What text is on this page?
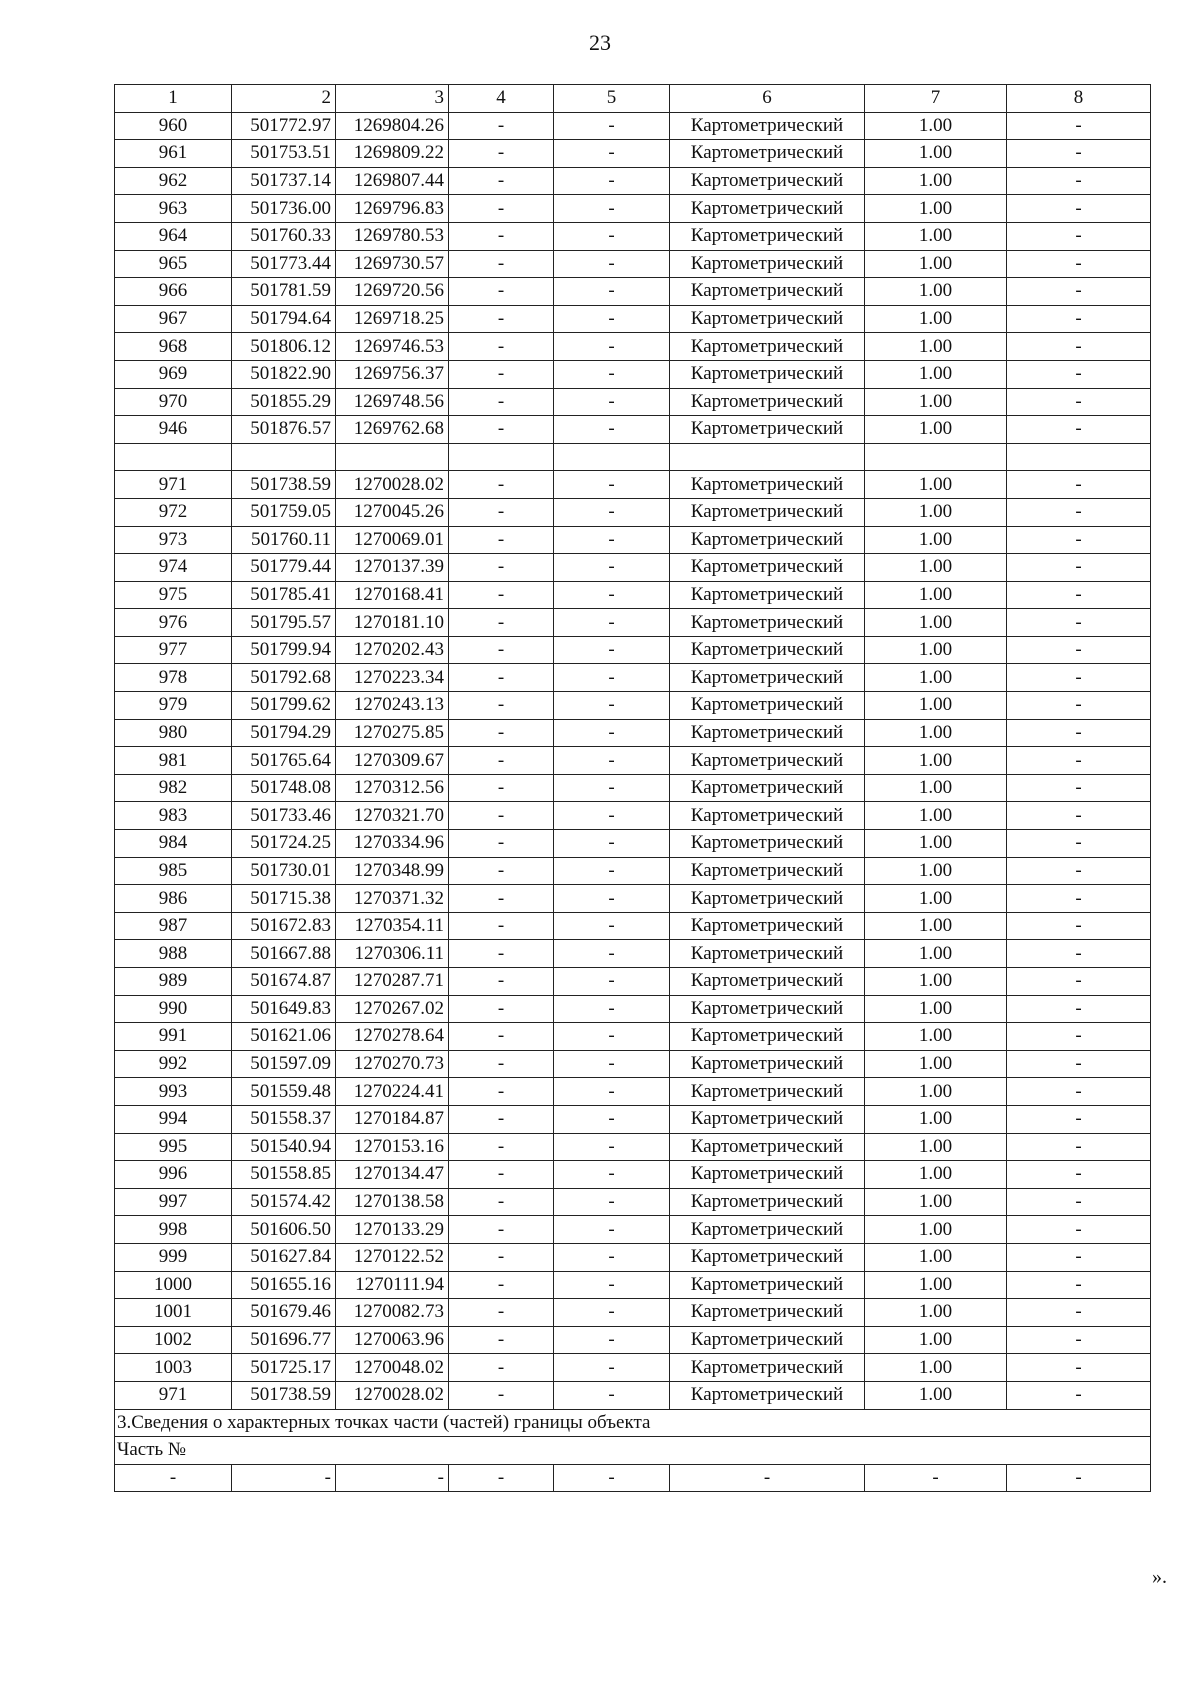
23
1	2	3	4	5	6	7	8
960	501772.97	1269804.26	-	-	Картометрический	1.00	-
961	501753.51	1269809.22	-	-	Картометрический	1.00	-
962	501737.14	1269807.44	-	-	Картометрический	1.00	-
963	501736.00	1269796.83	-	-	Картометрический	1.00	-
964	501760.33	1269780.53	-	-	Картометрический	1.00	-
965	501773.44	1269730.57	-	-	Картометрический	1.00	-
966	501781.59	1269720.56	-	-	Картометрический	1.00	-
967	501794.64	1269718.25	-	-	Картометрический	1.00	-
968	501806.12	1269746.53	-	-	Картометрический	1.00	-
969	501822.90	1269756.37	-	-	Картометрический	1.00	-
970	501855.29	1269748.56	-	-	Картометрический	1.00	-
946	501876.57	1269762.68	-	-	Картометрический	1.00	-

971	501738.59	1270028.02	-	-	Картометрический	1.00	-
972	501759.05	1270045.26	-	-	Картометрический	1.00	-
973	501760.11	1270069.01	-	-	Картометрический	1.00	-
974	501779.44	1270137.39	-	-	Картометрический	1.00	-
975	501785.41	1270168.41	-	-	Картометрический	1.00	-
976	501795.57	1270181.10	-	-	Картометрический	1.00	-
977	501799.94	1270202.43	-	-	Картометрический	1.00	-
978	501792.68	1270223.34	-	-	Картометрический	1.00	-
979	501799.62	1270243.13	-	-	Картометрический	1.00	-
980	501794.29	1270275.85	-	-	Картометрический	1.00	-
981	501765.64	1270309.67	-	-	Картометрический	1.00	-
982	501748.08	1270312.56	-	-	Картометрический	1.00	-
983	501733.46	1270321.70	-	-	Картометрический	1.00	-
984	501724.25	1270334.96	-	-	Картометрический	1.00	-
985	501730.01	1270348.99	-	-	Картометрический	1.00	-
986	501715.38	1270371.32	-	-	Картометрический	1.00	-
987	501672.83	1270354.11	-	-	Картометрический	1.00	-
988	501667.88	1270306.11	-	-	Картометрический	1.00	-
989	501674.87	1270287.71	-	-	Картометрический	1.00	-
990	501649.83	1270267.02	-	-	Картометрический	1.00	-
991	501621.06	1270278.64	-	-	Картометрический	1.00	-
992	501597.09	1270270.73	-	-	Картометрический	1.00	-
993	501559.48	1270224.41	-	-	Картометрический	1.00	-
994	501558.37	1270184.87	-	-	Картометрический	1.00	-
995	501540.94	1270153.16	-	-	Картометрический	1.00	-
996	501558.85	1270134.47	-	-	Картометрический	1.00	-
997	501574.42	1270138.58	-	-	Картометрический	1.00	-
998	501606.50	1270133.29	-	-	Картометрический	1.00	-
999	501627.84	1270122.52	-	-	Картометрический	1.00	-
1000	501655.16	1270111.94	-	-	Картометрический	1.00	-
1001	501679.46	1270082.73	-	-	Картометрический	1.00	-
1002	501696.77	1270063.96	-	-	Картометрический	1.00	-
1003	501725.17	1270048.02	-	-	Картометрический	1.00	-
971	501738.59	1270028.02	-	-	Картометрический	1.00	-
3.Сведения о характерных точках части (частей) границы объекта							
Часть №							
-	-	-	-	-	-	-	-
».
